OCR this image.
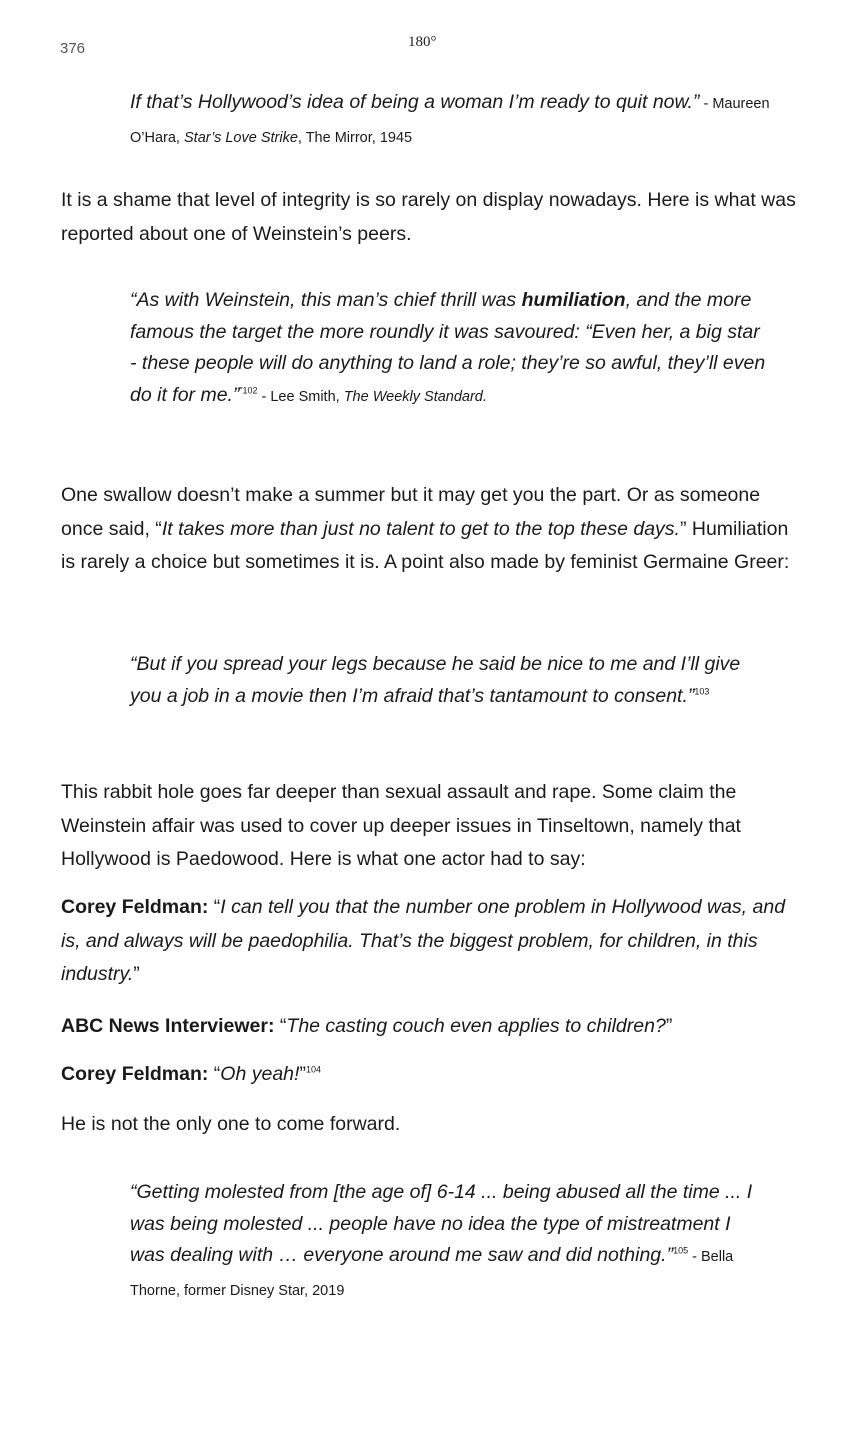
376	180°
If that’s Hollywood’s idea of being a woman I’m ready to quit now.” - Maureen O’Hara, Star’s Love Strike, The Mirror, 1945
It is a shame that level of integrity is so rarely on display nowadays. Here is what was reported about one of Weinstein’s peers.
“As with Weinstein, this man’s chief thrill was humiliation, and the more famous the target the more roundly it was savoured: “Even her, a big star - these people will do anything to land a role; they’re so awful, they’ll even do it for me.”$^{”102}$ - Lee Smith, The Weekly Standard.
One swallow doesn’t make a summer but it may get you the part. Or as someone once said, “It takes more than just no talent to get to the top these days.” Humiliation is rarely a choice but sometimes it is. A point also made by feminist Germaine Greer:
“But if you spread your legs because he said be nice to me and I’ll give you a job in a movie then I’m afraid that’s tantamount to consent.”$^{103}$
This rabbit hole goes far deeper than sexual assault and rape. Some claim the Weinstein affair was used to cover up deeper issues in Tinseltown, namely that Hollywood is Paedowood. Here is what one actor had to say:
Corey Feldman: “I can tell you that the number one problem in Hollywood was, and is, and always will be paedophilia. That’s the biggest problem, for children, in this industry.”
ABC News Interviewer: “The casting couch even applies to children?”
Corey Feldman: “Oh yeah!”$^{104}$
He is not the only one to come forward.
“Getting molested from [the age of] 6-14 ... being abused all the time ... I was being molested ... people have no idea the type of mistreatment I was dealing with … everyone around me saw and did nothing.”$^{105}$ - Bella Thorne, former Disney Star, 2019
